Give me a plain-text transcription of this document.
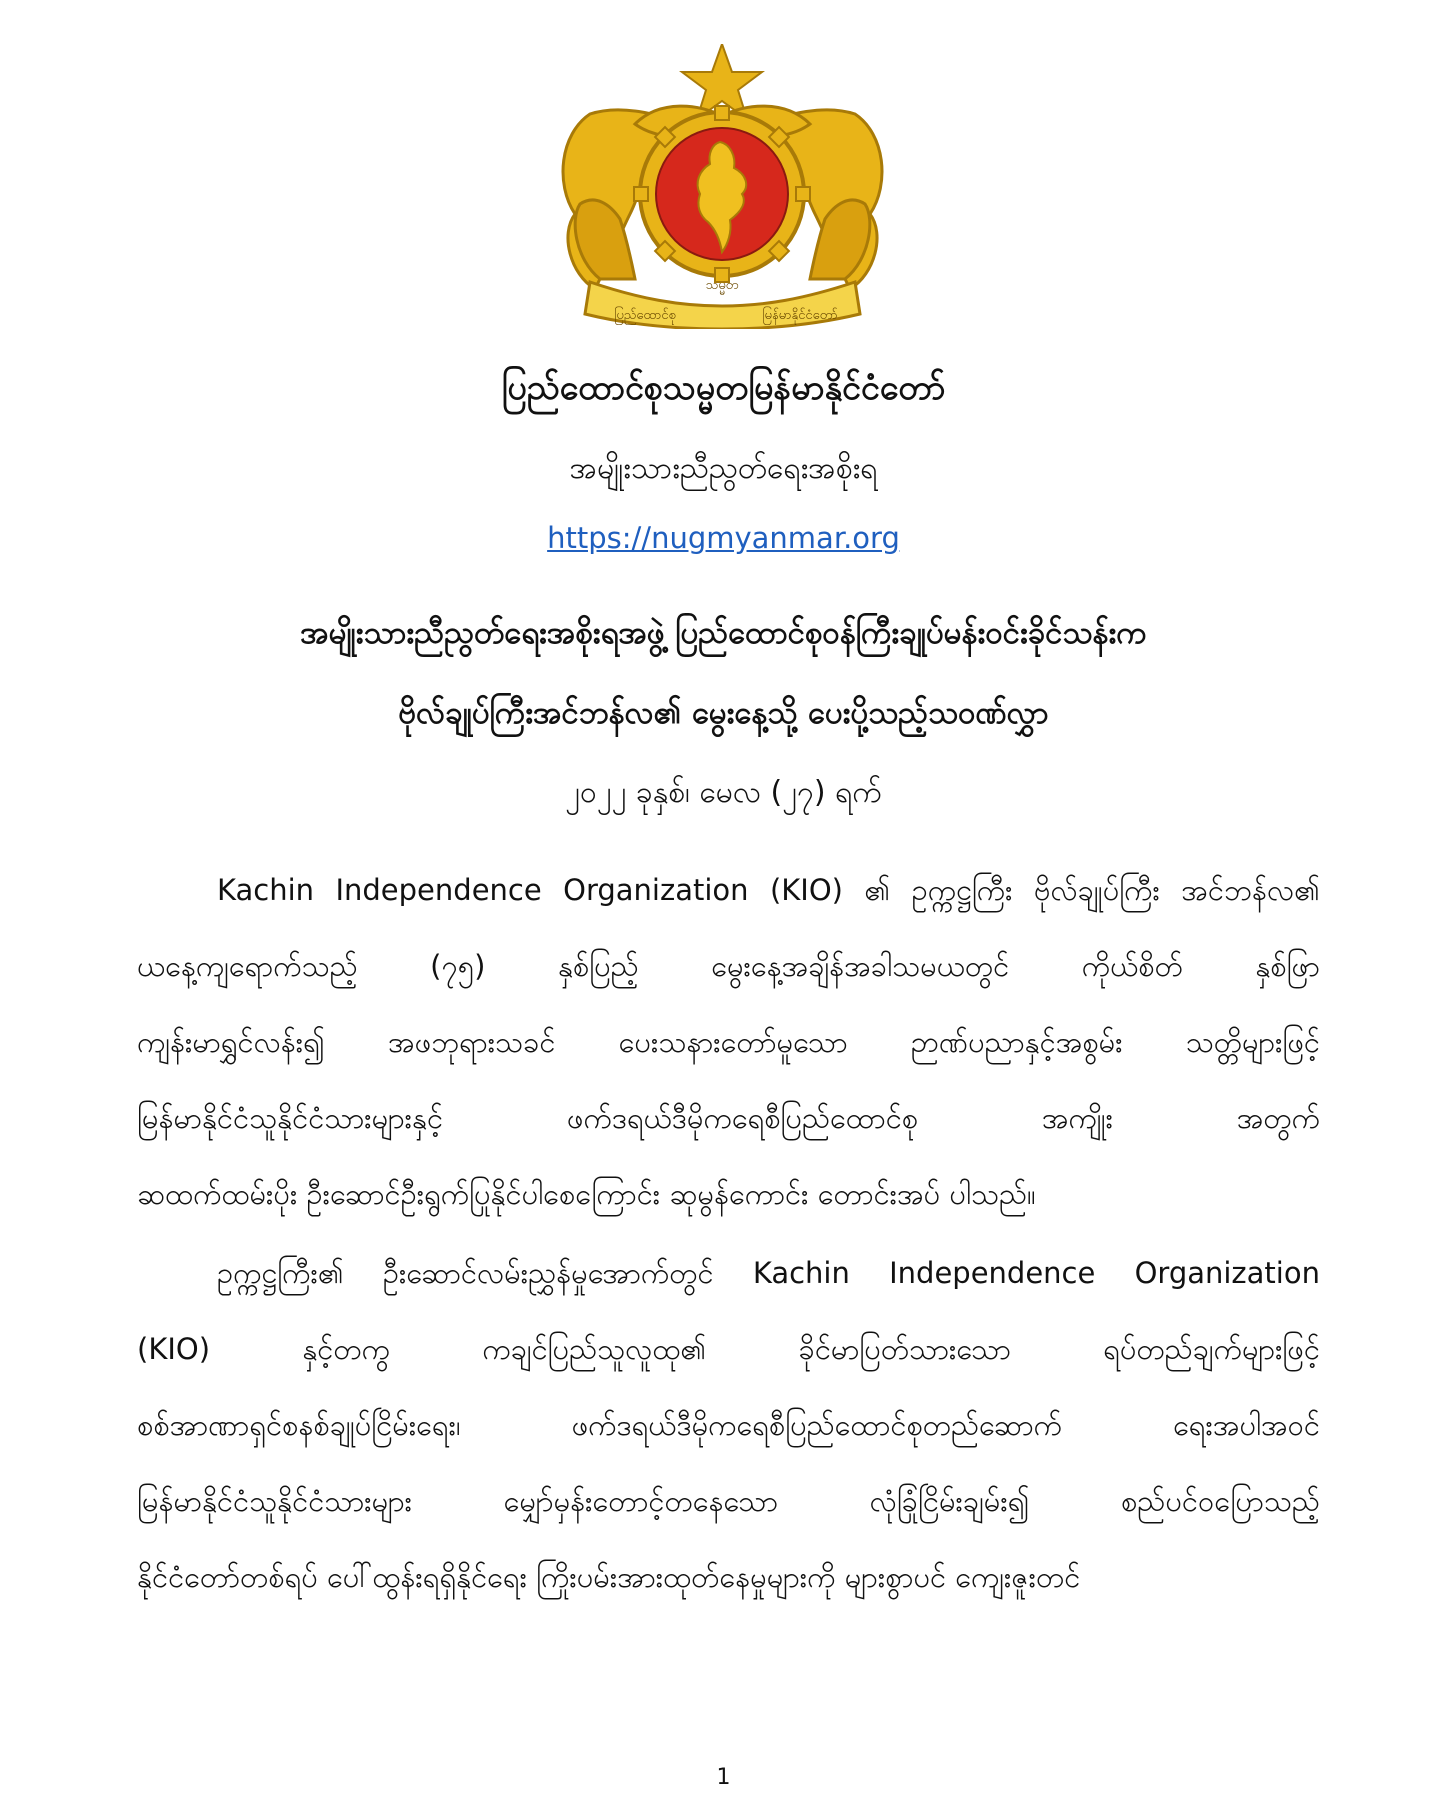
ပြည်ထောင်စု
သမ္မတ
မြန်မာနိုင်ငံတော်
ပြည်ထောင်စုသမ္မတမြန်မာနိုင်ငံတော်
အမျိုးသားညီညွတ်ရေးအစိုးရ
https://nugmyanmar.org
အမျိုးသားညီညွတ်ရေးအစိုးရအဖွဲ့ ပြည်ထောင်စုဝန်ကြီးချုပ်မန်းဝင်းခိုင်သန်းက
ဗိုလ်ချုပ်ကြီးအင်ဘန်လ၏ မွေးနေ့သို့ ပေးပို့သည့်သဝဏ်လွှာ
၂၀၂၂ ခုနှစ်၊ မေလ (၂၇) ရက်
Kachin Independence Organization (KIO) ၏ ဥက္ကဋ္ဌကြီး ဗိုလ်ချုပ်ကြီး အင်ဘန်လ၏
ယနေ့ကျရောက်သည့်	(၇၅)	နှစ်ပြည့်	မွေးနေ့အချိန်အခါသမယတွင်	ကိုယ်စိတ်	နှစ်ဖြာ
ကျန်းမာရွှင်လန်း၍ အဖဘုရားသခင် ပေးသနားတော်မူသော ဉာဏ်ပညာနှင့်အစွမ်း သတ္တိများဖြင့်
မြန်မာနိုင်ငံသူနိုင်ငံသားများနှင့်	ဖက်ဒရယ်ဒီမိုကရေစီပြည်ထောင်စု	အကျိုး	အတွက်
ဆထက်ထမ်းပိုး ဦးဆောင်ဦးရွက်ပြုနိုင်ပါစေကြောင်း ဆုမွန်ကောင်း တောင်းအပ် ပါသည်။
ဥက္ကဋ္ဌကြီး၏ ဦးဆောင်လမ်းညွှန်မှုအောက်တွင် Kachin Independence Organization
(KIO)	နှင့်တကွ	ကချင်ပြည်သူလူထု၏	ခိုင်မာပြတ်သားသော	ရပ်တည်ချက်များဖြင့်
စစ်အာဏာရှင်စနစ်ချုပ်ငြိမ်းရေး၊	ဖက်ဒရယ်ဒီမိုကရေစီပြည်ထောင်စုတည်ဆောက်	ရေးအပါအဝင်
မြန်မာနိုင်ငံသူနိုင်ငံသားများ	မျှော်မှန်းတောင့်တနေသော	လုံခြုံငြိမ်းချမ်း၍	စည်ပင်ဝပြောသည့်
နိုင်ငံတော်တစ်ရပ် ပေါ်ထွန်းရရှိနိုင်ရေး ကြိုးပမ်းအားထုတ်နေမှုများကို များစွာပင် ကျေးဇူးတင်
1
